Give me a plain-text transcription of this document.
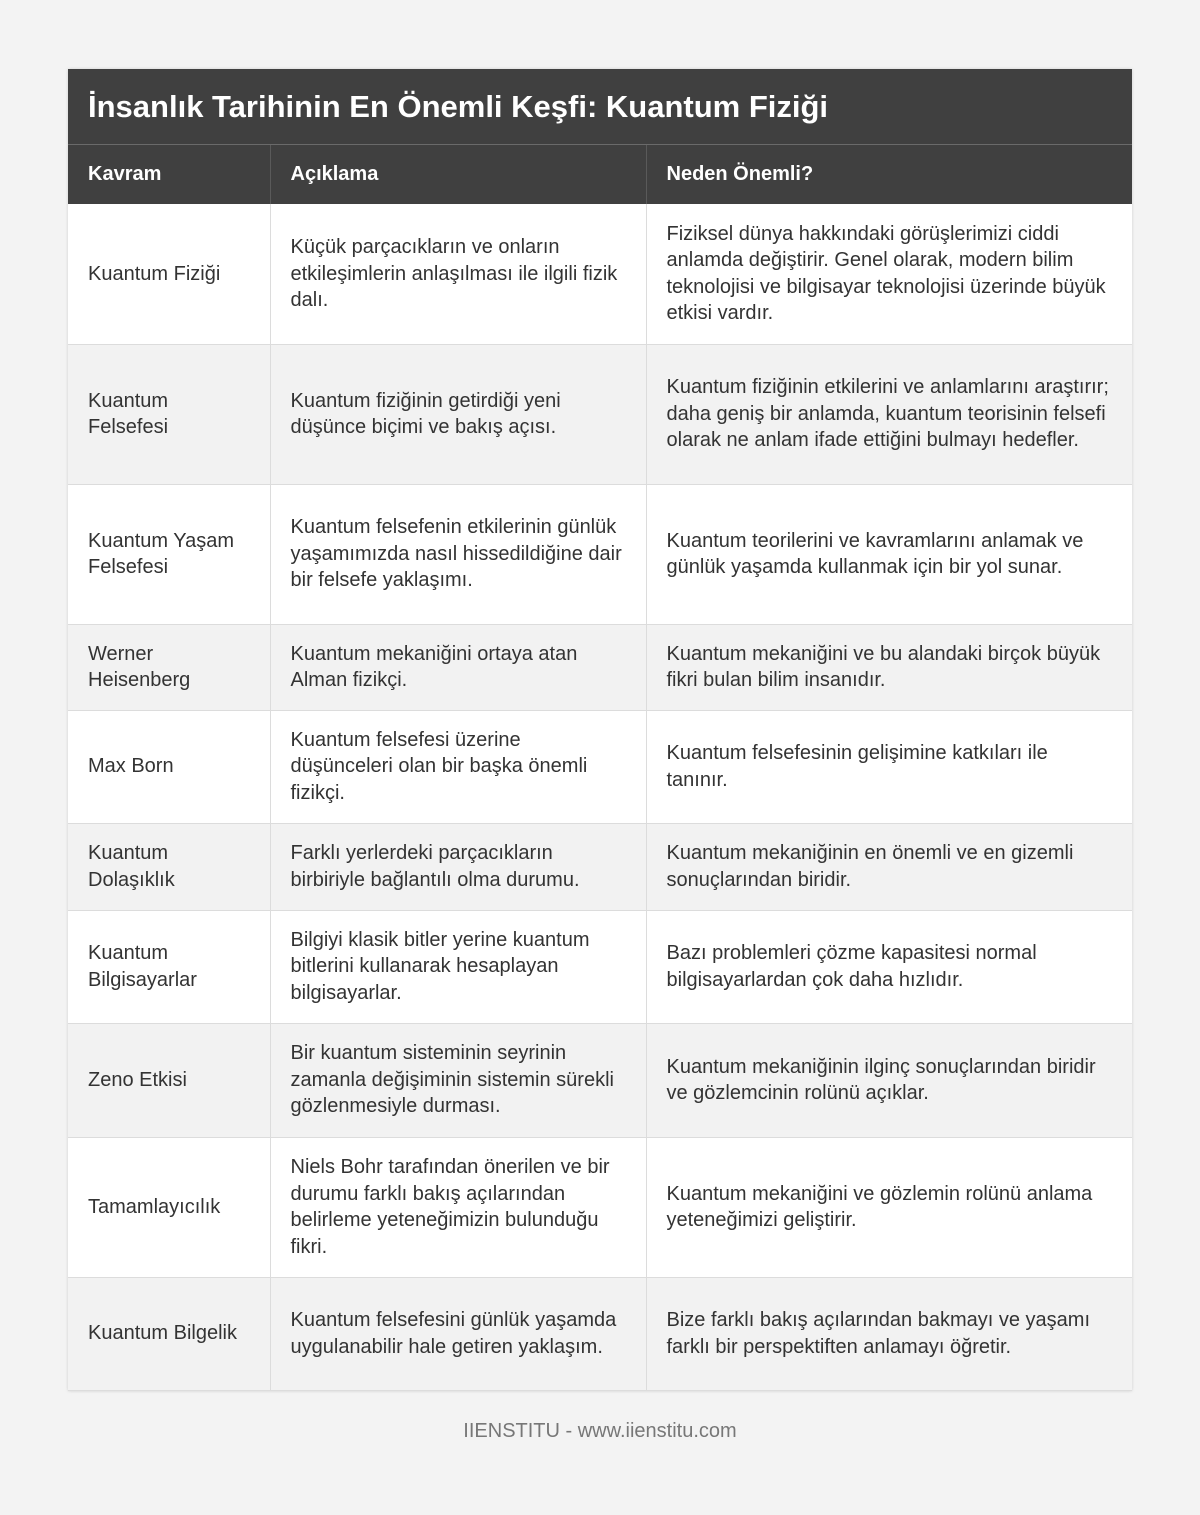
İnsanlık Tarihinin En Önemli Keşfi: Kuantum Fiziği
Kavram	Açıklama	Neden Önemli?
Kuantum Fiziği	Küçük parçacıkların ve onların etkileşimlerin anlaşılması ile ilgili fizik dalı.	Fiziksel dünya hakkındaki görüşlerimizi ciddi anlamda değiştirir. Genel olarak, modern bilim teknolojisi ve bilgisayar teknolojisi üzerinde büyük etkisi vardır.
Kuantum Felsefesi	Kuantum fiziğinin getirdiği yeni düşünce biçimi ve bakış açısı.	Kuantum fiziğinin etkilerini ve anlamlarını araştırır; daha geniş bir anlamda, kuantum teorisinin felsefi olarak ne anlam ifade ettiğini bulmayı hedefler.
Kuantum Yaşam Felsefesi	Kuantum felsefenin etkilerinin günlük yaşamımızda nasıl hissedildiğine dair bir felsefe yaklaşımı.	Kuantum teorilerini ve kavramlarını anlamak ve günlük yaşamda kullanmak için bir yol sunar.
Werner Heisenberg	Kuantum mekaniğini ortaya atan Alman fizikçi.	Kuantum mekaniğini ve bu alandaki birçok büyük fikri bulan bilim insanıdır.
Max Born	Kuantum felsefesi üzerine düşünceleri olan bir başka önemli fizikçi.	Kuantum felsefesinin gelişimine katkıları ile tanınır.
Kuantum Dolaşıklık	Farklı yerlerdeki parçacıkların birbiriyle bağlantılı olma durumu.	Kuantum mekaniğinin en önemli ve en gizemli sonuçlarından biridir.
Kuantum Bilgisayarlar	Bilgiyi klasik bitler yerine kuantum bitlerini kullanarak hesaplayan bilgisayarlar.	Bazı problemleri çözme kapasitesi normal bilgisayarlardan çok daha hızlıdır.
Zeno Etkisi	Bir kuantum sisteminin seyrinin zamanla değişiminin sistemin sürekli gözlenmesiyle durması.	Kuantum mekaniğinin ilginç sonuçlarından biridir ve gözlemcinin rolünü açıklar.
Tamamlayıcılık	Niels Bohr tarafından önerilen ve bir durumu farklı bakış açılarından belirleme yeteneğimizin bulunduğu fikri.	Kuantum mekaniğini ve gözlemin rolünü anlama yeteneğimizi geliştirir.
Kuantum Bilgelik	Kuantum felsefesini günlük yaşamda uygulanabilir hale getiren yaklaşım.	Bize farklı bakış açılarından bakmayı ve yaşamı farklı bir perspektiften anlamayı öğretir.
IIENSTITU - www.iienstitu.com
